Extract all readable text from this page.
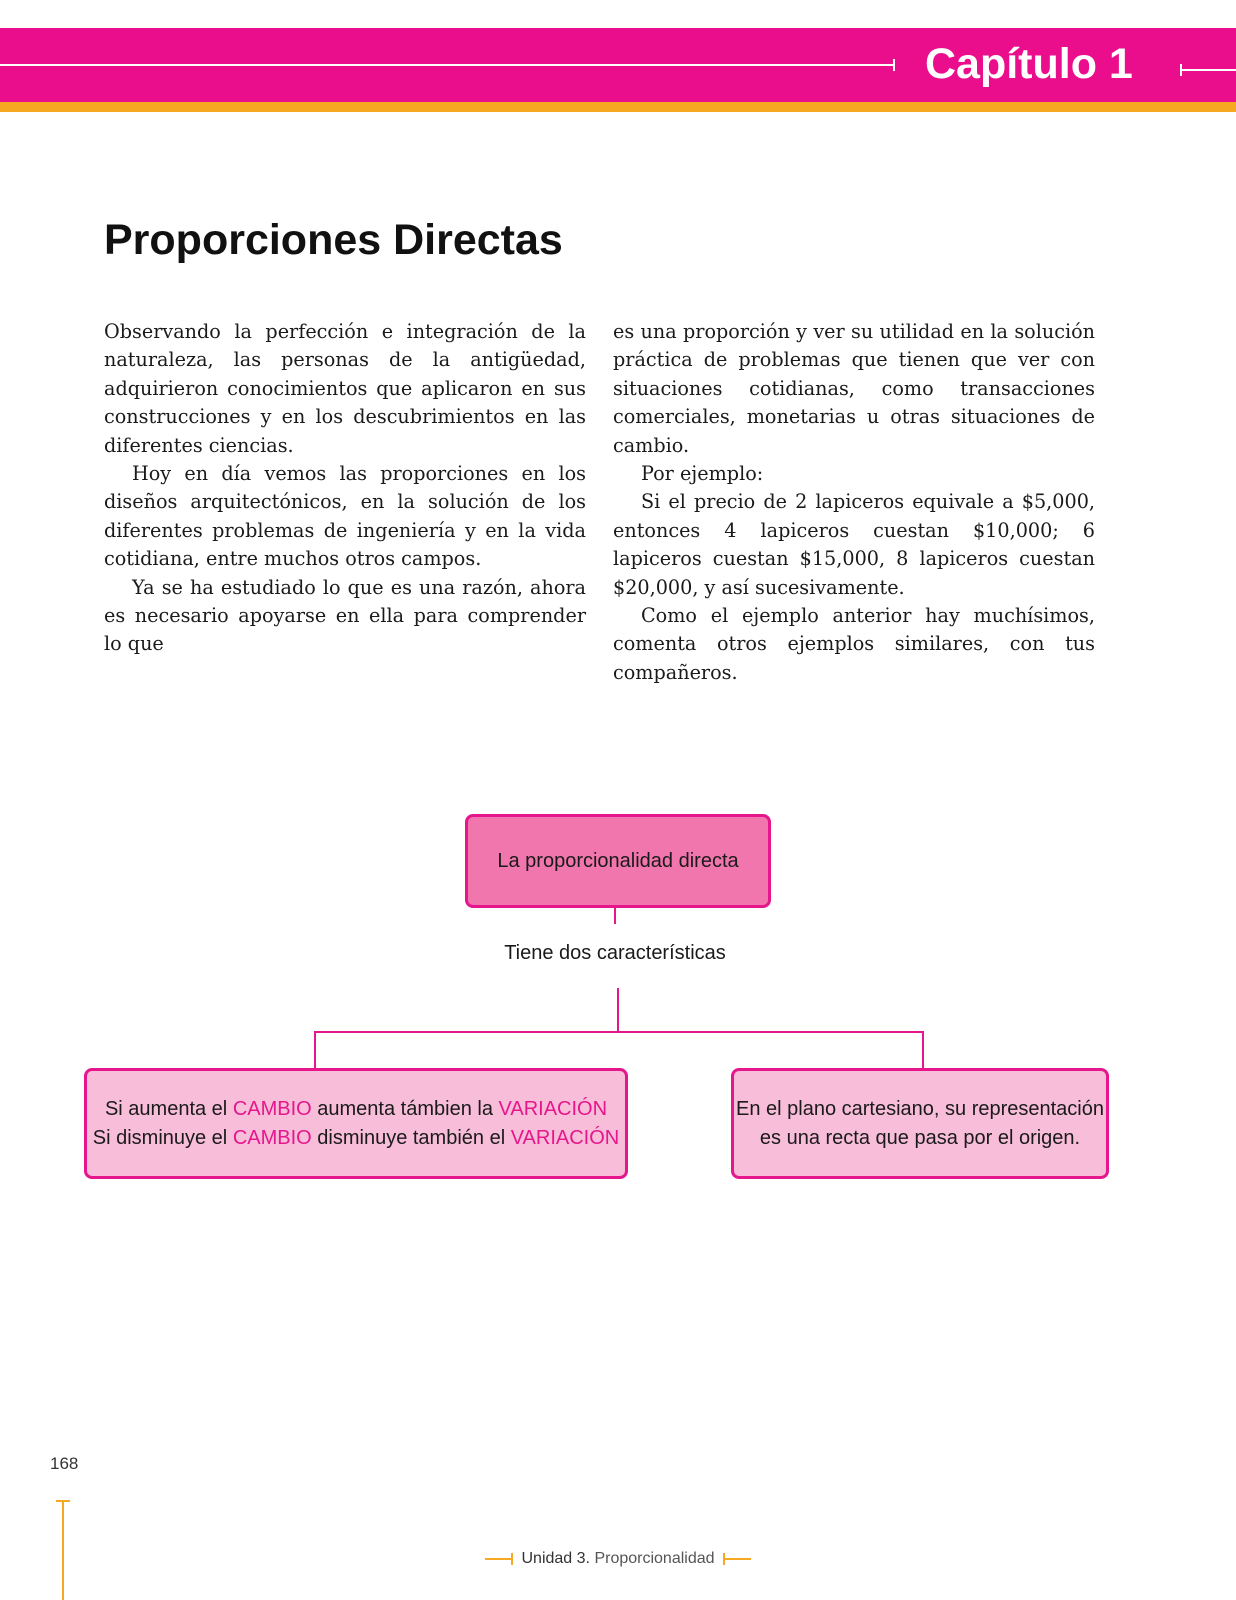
Capítulo 1
Proporciones Directas

Observando la perfección e integración de la naturaleza, las personas de la antigüedad, adquirieron conocimientos que aplicaron en sus construcciones y en los descubrimientos en las diferentes ciencias.

Hoy en día vemos las proporciones en los diseños arquitectónicos, en la solución de los diferentes problemas de ingeniería y en la vida cotidiana, entre muchos otros campos.

Ya se ha estudiado lo que es una razón, ahora es necesario apoyarse en ella para comprender lo que

es una proporción y ver su utilidad en la solución práctica de problemas que tienen que ver con situaciones cotidianas, como transacciones comerciales, monetarias u otras situaciones de cambio.

Por ejemplo:

Si el precio de 2 lapiceros equivale a $5,000, entonces 4 lapiceros cuestan $10,000; 6 lapiceros cuestan $15,000, 8 lapiceros cuestan $20,000, y así sucesivamente.

Como el ejemplo anterior hay muchísimos, comenta otros ejemplos similares, con tus compañeros.

La proporcionalidad directa
Tiene dos características
Si aumenta el CAMBIO aumenta támbien la VARIACIÓN
Si disminuye el CAMBIO disminuye también el VARIACIÓN
En el plano cartesiano, su representación
es una recta que pasa por el origen.
168
Unidad 3. Proporcionalidad
